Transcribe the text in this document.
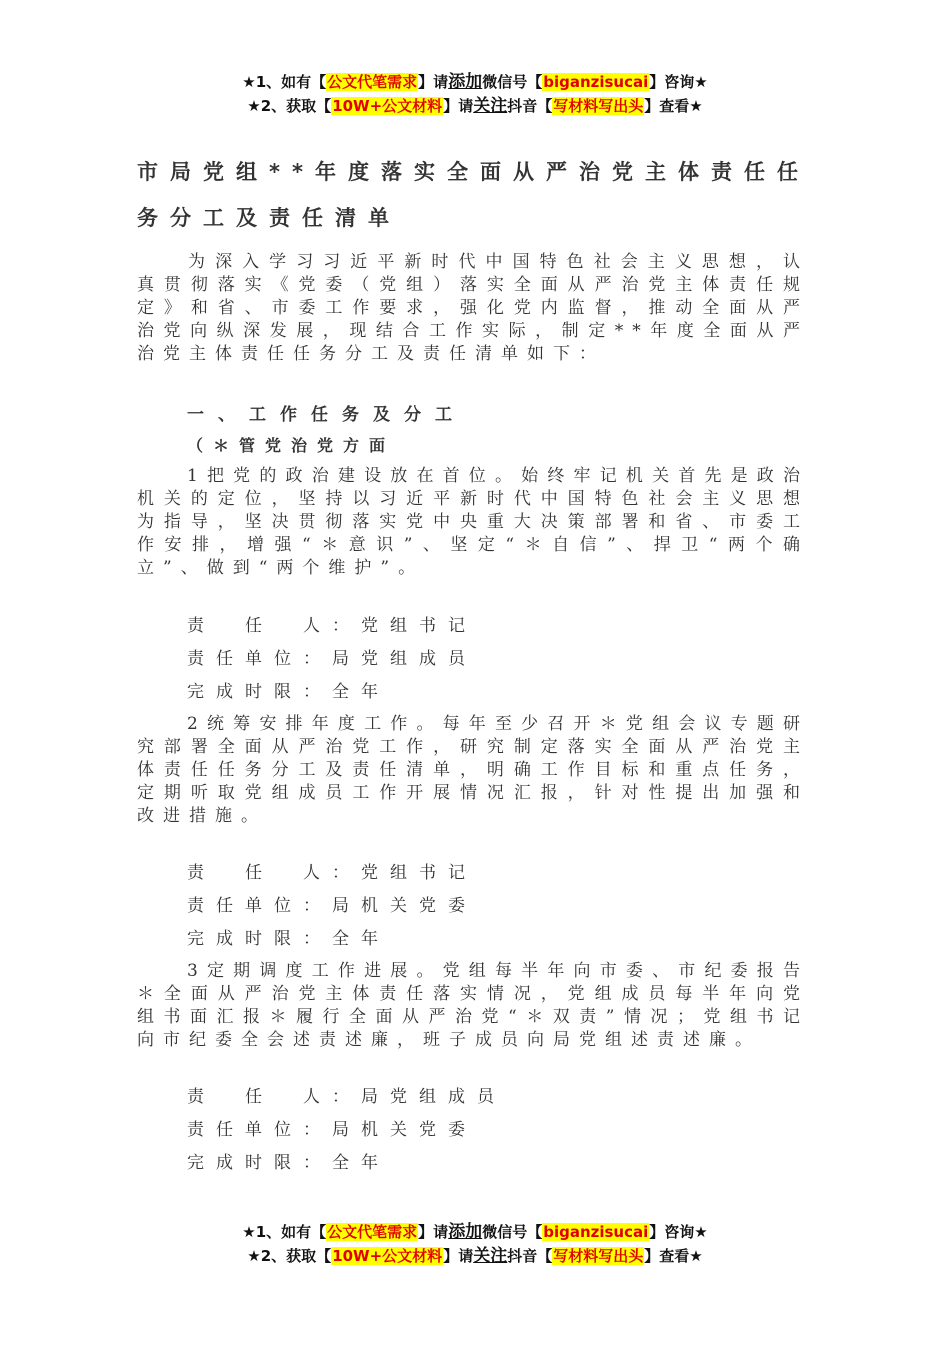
★1、如有【公文代笔需求】请添加微信号【biganzisucai】咨询★
★2、获取【10W+公文材料】请关注抖音【写材料写出头】查看★
市局党组**年度落实全面从严治党主体责任任
务分工及责任清单
为深入学习习近平新时代中国特色社会主义思想，认真贯彻落实《党委（党组）落实全面从严治党主体责任规定》和省、市委工作要求，强化党内监督，推动全面从严治党向纵深发展，现结合工作实际，制定**年度全面从严治党主体责任任务分工及责任清单如下：
一、工作任务及分工
（＊管党治党方面
1把党的政治建设放在首位。始终牢记机关首先是政治机关的定位，坚持以习近平新时代中国特色社会主义思想为指导，坚决贯彻落实党中央重大决策部署和省、市委工作安排，增强“＊意识”、坚定“＊自信”、捍卫“两个确立”、做到“两个维护”。
责　任　人：党组书记
责任单位：局党组成员
完成时限：全年
2统筹安排年度工作。每年至少召开＊党组会议专题研究部署全面从严治党工作，研究制定落实全面从严治党主体责任任务分工及责任清单，明确工作目标和重点任务，定期听取党组成员工作开展情况汇报，针对性提出加强和改进措施。
责　任　人：党组书记
责任单位：局机关党委
完成时限：全年
3定期调度工作进展。党组每半年向市委、市纪委报告＊全面从严治党主体责任落实情况，党组成员每半年向党组书面汇报＊履行全面从严治党“＊双责”情况；党组书记向市纪委全会述责述廉，班子成员向局党组述责述廉。
责　任　人：局党组成员
责任单位：局机关党委
完成时限：全年
★1、如有【公文代笔需求】请添加微信号【biganzisucai】咨询★
★2、获取【10W+公文材料】请关注抖音【写材料写出头】查看★
